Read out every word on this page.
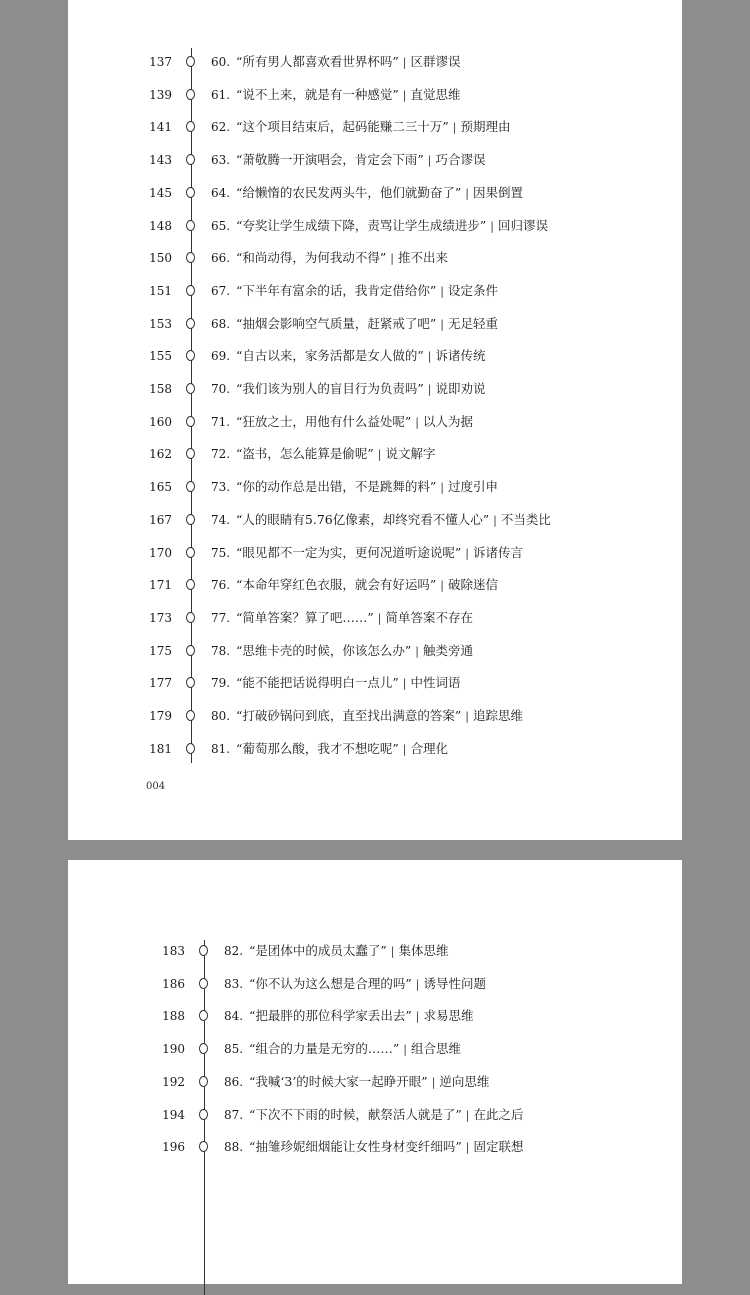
137	60. “所有男人都喜欢看世界杯吗” | 区群谬误
139	61. “说不上来，就是有一种感觉” | 直觉思维
141	62. “这个项目结束后，起码能赚二三十万” | 预期理由
143	63. “萧敬腾一开演唱会，肯定会下雨” | 巧合谬误
145	64. “给懒惰的农民发两头牛，他们就勤奋了” | 因果倒置
148	65. “夸奖让学生成绩下降，责骂让学生成绩进步” | 回归谬误
150	66. “和尚动得，为何我动不得” | 推不出来
151	67. “下半年有富余的话，我肯定借给你” | 设定条件
153	68. “抽烟会影响空气质量，赶紧戒了吧” | 无足轻重
155	69. “自古以来，家务活都是女人做的” | 诉诸传统
158	70. “我们该为别人的盲目行为负责吗” | 说即劝说
160	71. “狂放之士，用他有什么益处呢” | 以人为据
162	72. “盗书，怎么能算是偷呢” | 说文解字
165	73. “你的动作总是出错，不是跳舞的料” | 过度引申
167	74. “人的眼睛有5.76亿像素，却终究看不懂人心” | 不当类比
170	75. “眼见都不一定为实，更何况道听途说呢” | 诉诸传言
171	76. “本命年穿红色衣服，就会有好运吗” | 破除迷信
173	77. “简单答案？算了吧……” | 简单答案不存在
175	78. “思维卡壳的时候，你该怎么办” | 触类旁通
177	79. “能不能把话说得明白一点儿” | 中性词语
179	80. “打破砂锅问到底，直至找出满意的答案” | 追踪思维
181	81. “葡萄那么酸，我才不想吃呢” | 合理化
004
183	82. “是团体中的成员太蠢了” | 集体思维
186	83. “你不认为这么想是合理的吗” | 诱导性问题
188	84. “把最胖的那位科学家丢出去” | 求易思维
190	85. “组合的力量是无穷的……” | 组合思维
192	86. “我喊‘3’的时候大家一起睁开眼” | 逆向思维
194	87. “下次不下雨的时候，献祭活人就是了” | 在此之后
196	88. “抽雏珍妮细烟能让女性身材变纤细吗” | 固定联想
